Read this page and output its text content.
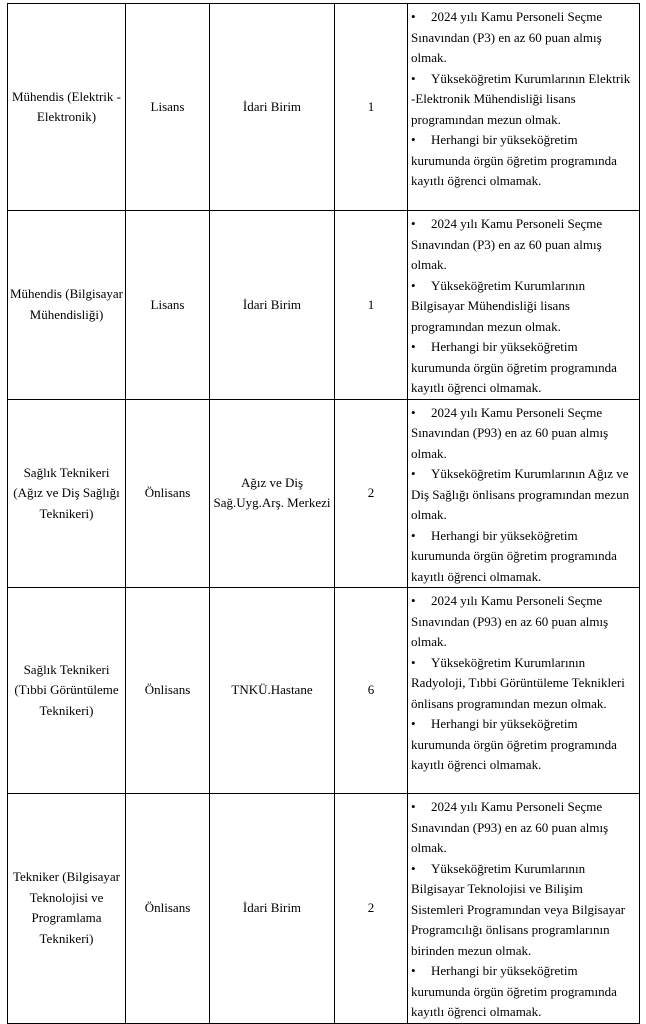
Mühendis (Elektrik - Elektronik)	Lisans	İdari Birim	1	• 2024 yılı Kamu Personeli Seçme Sınavından (P3) en az 60 puan almış olmak.
• Yükseköğretim Kurumlarının Elektrik -Elektronik Mühendisliği lisans programından mezun olmak.
• Herhangi bir yükseköğretim kurumunda örgün öğretim programında kayıtlı öğrenci olmamak.

Mühendis (Bilgisayar Mühendisliği)	Lisans	İdari Birim	1	• 2024 yılı Kamu Personeli Seçme Sınavından (P3) en az 60 puan almış olmak.
• Yükseköğretim Kurumlarının Bilgisayar Mühendisliği lisans programından mezun olmak.
• Herhangi bir yükseköğretim kurumunda örgün öğretim programında kayıtlı öğrenci olmamak.

Sağlık Teknikeri (Ağız ve Diş Sağlığı Teknikeri)	Önlisans	Ağız ve Diş Sağ.Uyg.Arş. Merkezi	2	• 2024 yılı Kamu Personeli Seçme Sınavından (P93) en az 60 puan almış olmak.
• Yükseköğretim Kurumlarının Ağız ve Diş Sağlığı önlisans programından mezun olmak.
• Herhangi bir yükseköğretim kurumunda örgün öğretim programında kayıtlı öğrenci olmamak.

Sağlık Teknikeri (Tıbbi Görüntüleme Teknikeri)	Önlisans	TNKÜ.Hastane	6	• 2024 yılı Kamu Personeli Seçme Sınavından (P93) en az 60 puan almış olmak.
• Yükseköğretim Kurumlarının Radyoloji, Tıbbi Görüntüleme Teknikleri önlisans programından mezun olmak.
• Herhangi bir yükseköğretim kurumunda örgün öğretim programında kayıtlı öğrenci olmamak.

Tekniker (Bilgisayar Teknolojisi ve Programlama Teknikeri)	Önlisans	İdari Birim	2	• 2024 yılı Kamu Personeli Seçme Sınavından (P93) en az 60 puan almış olmak.
• Yükseköğretim Kurumlarının Bilgisayar Teknolojisi ve Bilişim Sistemleri Programından veya Bilgisayar Programcılığı önlisans programlarının birinden mezun olmak.
• Herhangi bir yükseköğretim kurumunda örgün öğretim programında kayıtlı öğrenci olmamak.
